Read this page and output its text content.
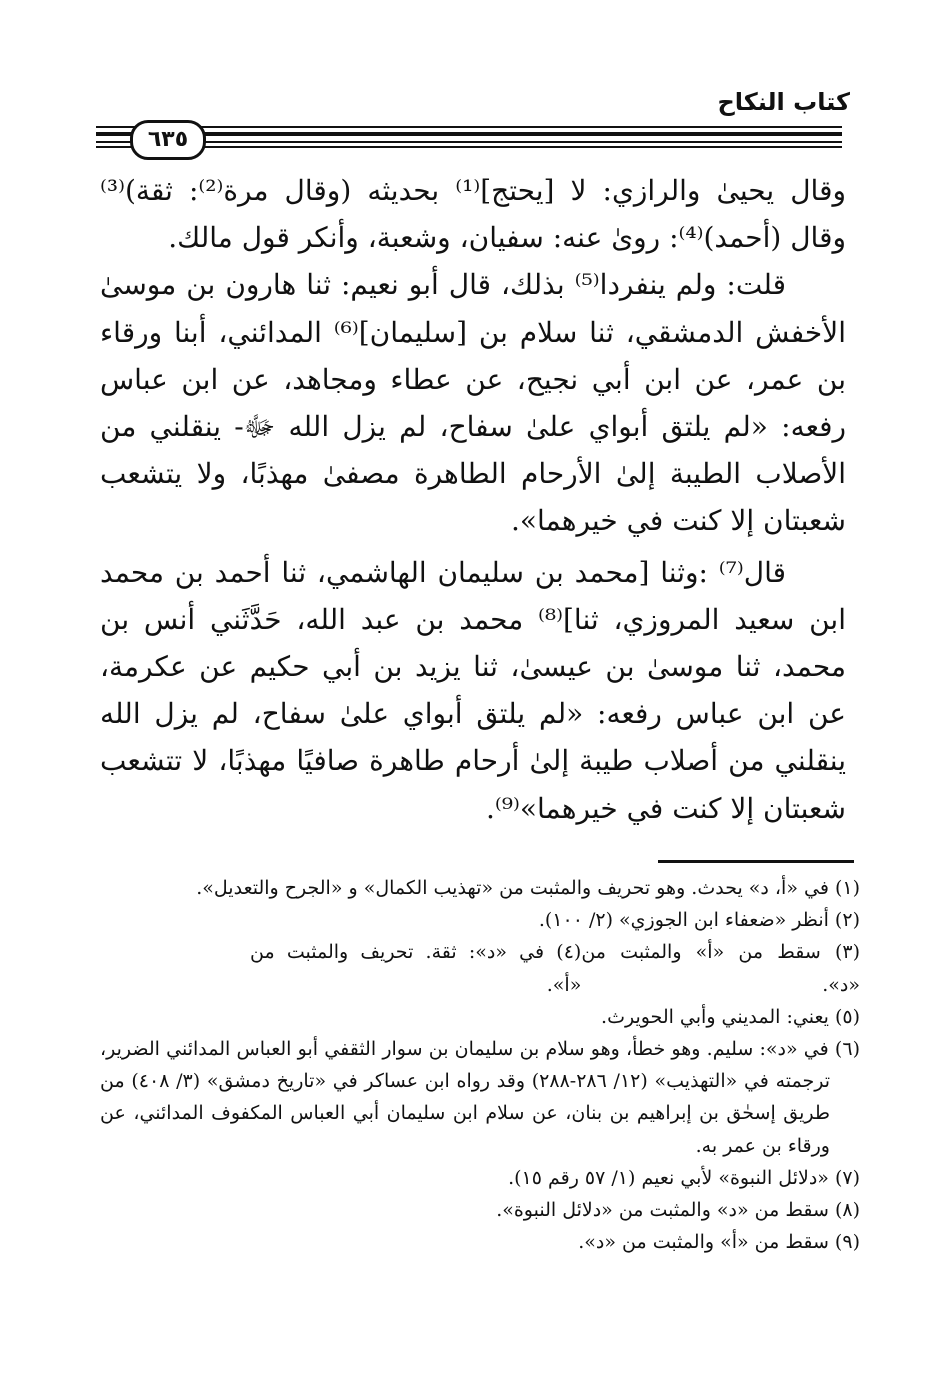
كتاب النكاح
٦٣٥

وقال يحيىٰ والرازي: لا [يحتج]⁽¹⁾ بحديثه (وقال مرة⁽²⁾: ثقة)⁽³⁾ وقال (أحمد)⁽⁴⁾: روىٰ عنه: سفيان، وشعبة، وأنكر قول مالك.

قلت: ولم ينفردا⁽⁵⁾ بذلك، قال أبو نعيم: ثنا هارون بن موسىٰ الأخفش الدمشقي، ثنا سلام بن [سليمان]⁽⁶⁾ المدائني، أبنا ورقاء بن عمر، عن ابن أبي نجيح، عن عطاء ومجاهد، عن ابن عباس رفعه: «لم يلتق أبواي علىٰ سفاح، لم يزل الله ﷻ- ينقلني من الأصلاب الطيبة إلىٰ الأرحام الطاهرة مصفىٰ مهذبًا، ولا يتشعب شعبتان إلا كنت في خيرهما».

قال⁽⁷⁾ :وثنا [محمد بن سليمان الهاشمي، ثنا أحمد بن محمد ابن سعيد المروزي، ثنا]⁽⁸⁾ محمد بن عبد الله، حَدَّثَني أنس بن محمد، ثنا موسىٰ بن عيسىٰ، ثنا يزيد بن أبي حكيم عن عكرمة، عن ابن عباس رفعه: «لم يلتق أبواي علىٰ سفاح، لم يزل الله ينقلني من أصلاب طيبة إلىٰ أرحام طاهرة صافيًا مهذبًا، لا تتشعب شعبتان إلا كنت في خيرهما»⁽⁹⁾.

(١) في «أ، د» يحدث. وهو تحريف والمثبت من «تهذيب الكمال» و «الجرح والتعديل».

(٢) أنظر «ضعفاء ابن الجوزي» (٢/ ١٠٠).

(٣) سقط من «أ» والمثبت من «د».
(٤) في «د»: ثقة. تحريف والمثبت من «أ».

(٥) يعني: المديني وأبي الحويرث.

(٦) في «د»: سليم. وهو خطأ، وهو سلام بن سليمان بن سوار الثقفي أبو العباس المدائني الضرير، ترجمته في «التهذيب» (١٢/ ٢٨٦-٢٨٨) وقد رواه ابن عساكر في «تاريخ دمشق» (٣/ ٤٠٨) من طريق إسحٰق بن إبراهيم بن بنان، عن سلام ابن سليمان أبي العباس المكفوف المدائني، عن ورقاء بن عمر به.

(٧) «دلائل النبوة» لأبي نعيم (١/ ٥٧ رقم ١٥).

(٨) سقط من «د» والمثبت من «دلائل النبوة».

(٩) سقط من «أ» والمثبت من «د».
